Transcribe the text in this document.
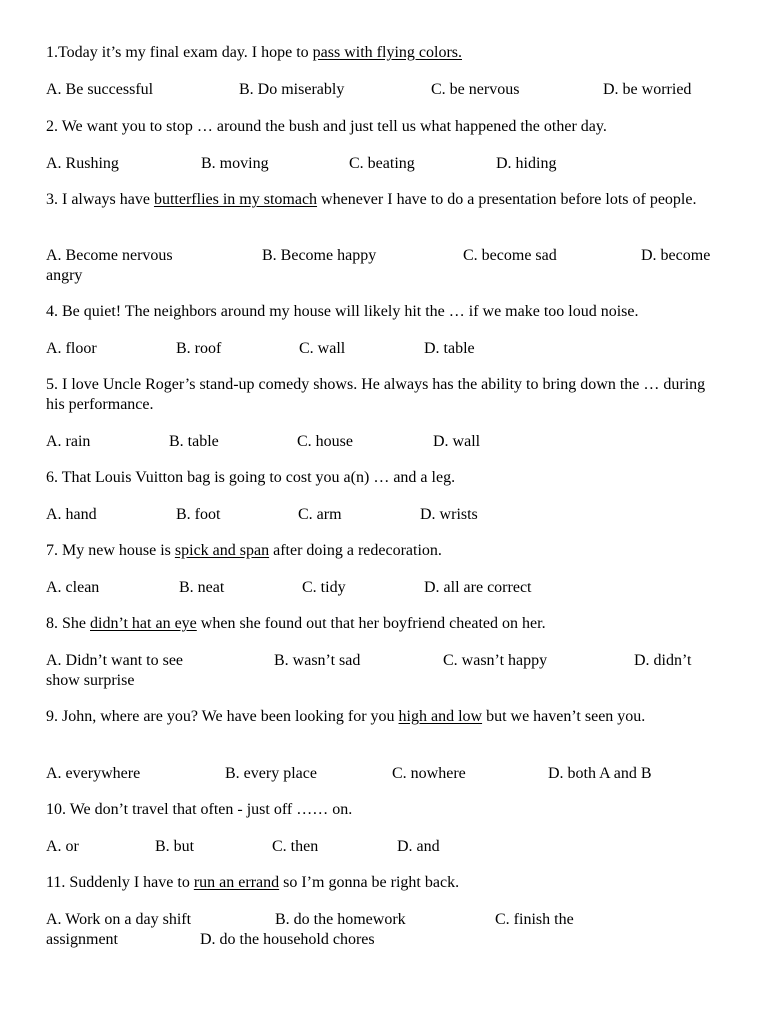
1.Today it’s my final exam day. I hope to pass with flying colors.

A. Be successful	B. Do miserably	C. be nervous	D. be worried

2. We want you to stop … around the bush and just tell us what happened the other day.

A. Rushing	B. moving	C. beating	D. hiding

3. I always have butterflies in my stomach whenever I have to do a presentation before lots of people.

A. Become nervous	B. Become happy	C. become sad	D. become
angry

4. Be quiet! The neighbors around my house will likely hit the … if we make too loud noise.

A. floor	B. roof	C. wall	D. table

5. I love Uncle Roger’s stand-up comedy shows. He always has the ability to bring down the … during his performance.

A. rain	B. table	C. house	D. wall

6. That Louis Vuitton bag is going to cost you a(n) … and a leg.

A. hand	B. foot	C. arm	D. wrists

7. My new house is spick and span after doing a redecoration.

A. clean	B. neat	C. tidy	D. all are correct

8. She didn’t hat an eye when she found out that her boyfriend cheated on her.

A. Didn’t want to see	B. wasn’t sad	C. wasn’t happy	D. didn’t
show surprise

9. John, where are you? We have been looking for you high and low but we haven’t seen you.

A. everywhere	B. every place	C. nowhere	D. both A and B

10. We don’t travel that often - just off …… on.

A. or	B. but	C. then	D. and

11. Suddenly I have to run an errand so I’m gonna be right back.

A. Work on a day shift	B. do the homework	C. finish the
assignment	D. do the household chores
